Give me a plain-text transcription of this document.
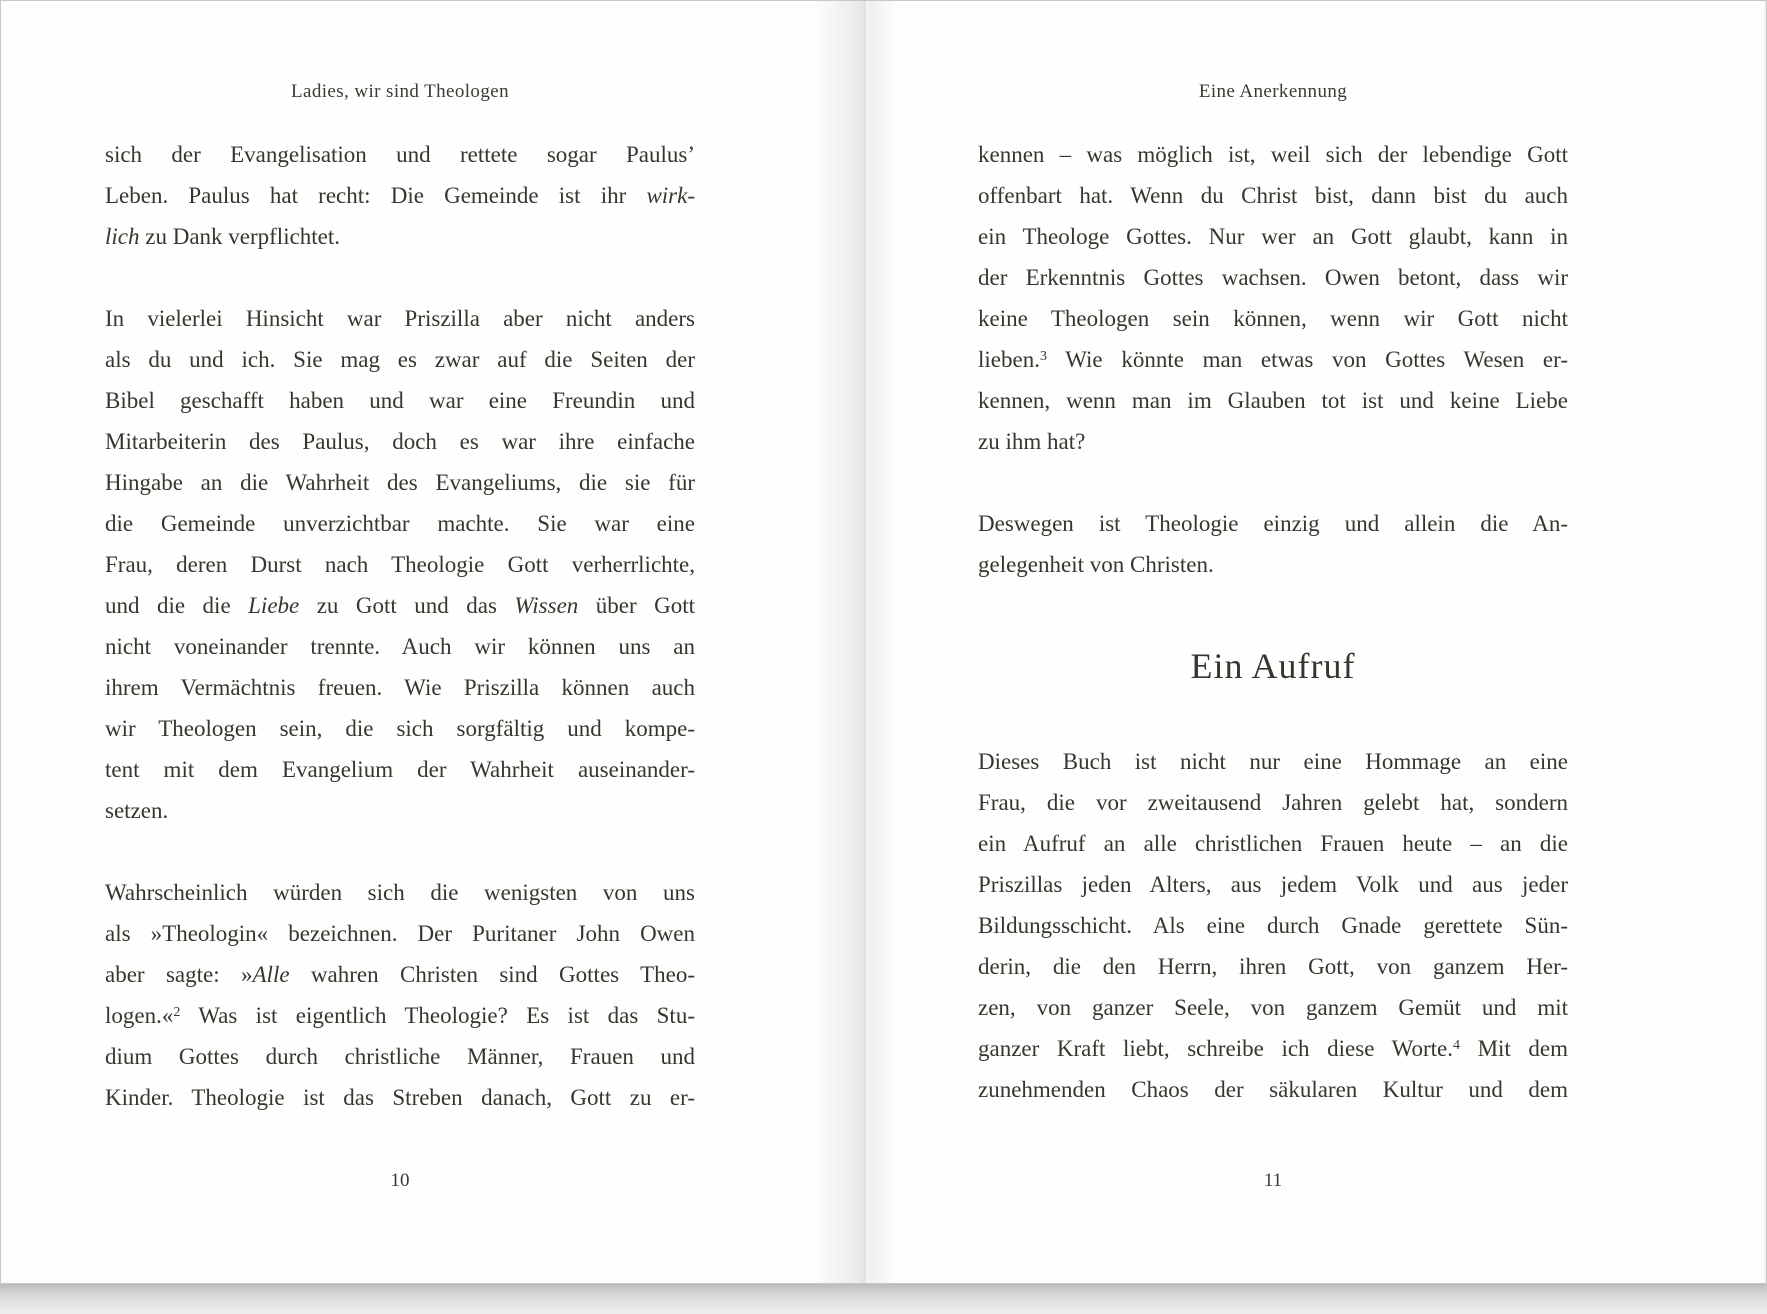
Ladies, wir sind Theologen
sich der Evangelisation und rettete sogar Paulus’
Leben. Paulus hat recht: Die Gemeinde ist ihr wirk-
lich zu Dank verpflichtet.
In vielerlei Hinsicht war Priszilla aber nicht anders
als du und ich. Sie mag es zwar auf die Seiten der
Bibel geschafft haben und war eine Freundin und
Mitarbeiterin des Paulus, doch es war ihre einfache
Hingabe an die Wahrheit des Evangeliums, die sie für
die Gemeinde unverzichtbar machte. Sie war eine
Frau, deren Durst nach Theologie Gott verherrlichte,
und die die Liebe zu Gott und das Wissen über Gott
nicht voneinander trennte. Auch wir können uns an
ihrem Vermächtnis freuen. Wie Priszilla können auch
wir Theologen sein, die sich sorgfältig und kompe-
tent mit dem Evangelium der Wahrheit auseinander-
setzen.
Wahrscheinlich würden sich die wenigsten von uns
als »Theologin« bezeichnen. Der Puritaner John Owen
aber sagte: »Alle wahren Christen sind Gottes Theo-
logen.«$^2$ Was ist eigentlich Theologie? Es ist das Stu-
dium Gottes durch christliche Männer, Frauen und
Kinder. Theologie ist das Streben danach, Gott zu er-
10
Eine Anerkennung
kennen – was möglich ist, weil sich der lebendige Gott
offenbart hat. Wenn du Christ bist, dann bist du auch
ein Theologe Gottes. Nur wer an Gott glaubt, kann in
der Erkenntnis Gottes wachsen. Owen betont, dass wir
keine Theologen sein können, wenn wir Gott nicht
lieben.$^3$ Wie könnte man etwas von Gottes Wesen er-
kennen, wenn man im Glauben tot ist und keine Liebe
zu ihm hat?
Deswegen ist Theologie einzig und allein die An-
gelegenheit von Christen.
Ein Aufruf
Dieses Buch ist nicht nur eine Hommage an eine
Frau, die vor zweitausend Jahren gelebt hat, sondern
ein Aufruf an alle christlichen Frauen heute – an die
Priszillas jeden Alters, aus jedem Volk und aus jeder
Bildungsschicht. Als eine durch Gnade gerettete Sün-
derin, die den Herrn, ihren Gott, von ganzem Her-
zen, von ganzer Seele, von ganzem Gemüt und mit
ganzer Kraft liebt, schreibe ich diese Worte.$^4$ Mit dem
zunehmenden Chaos der säkularen Kultur und dem
11
